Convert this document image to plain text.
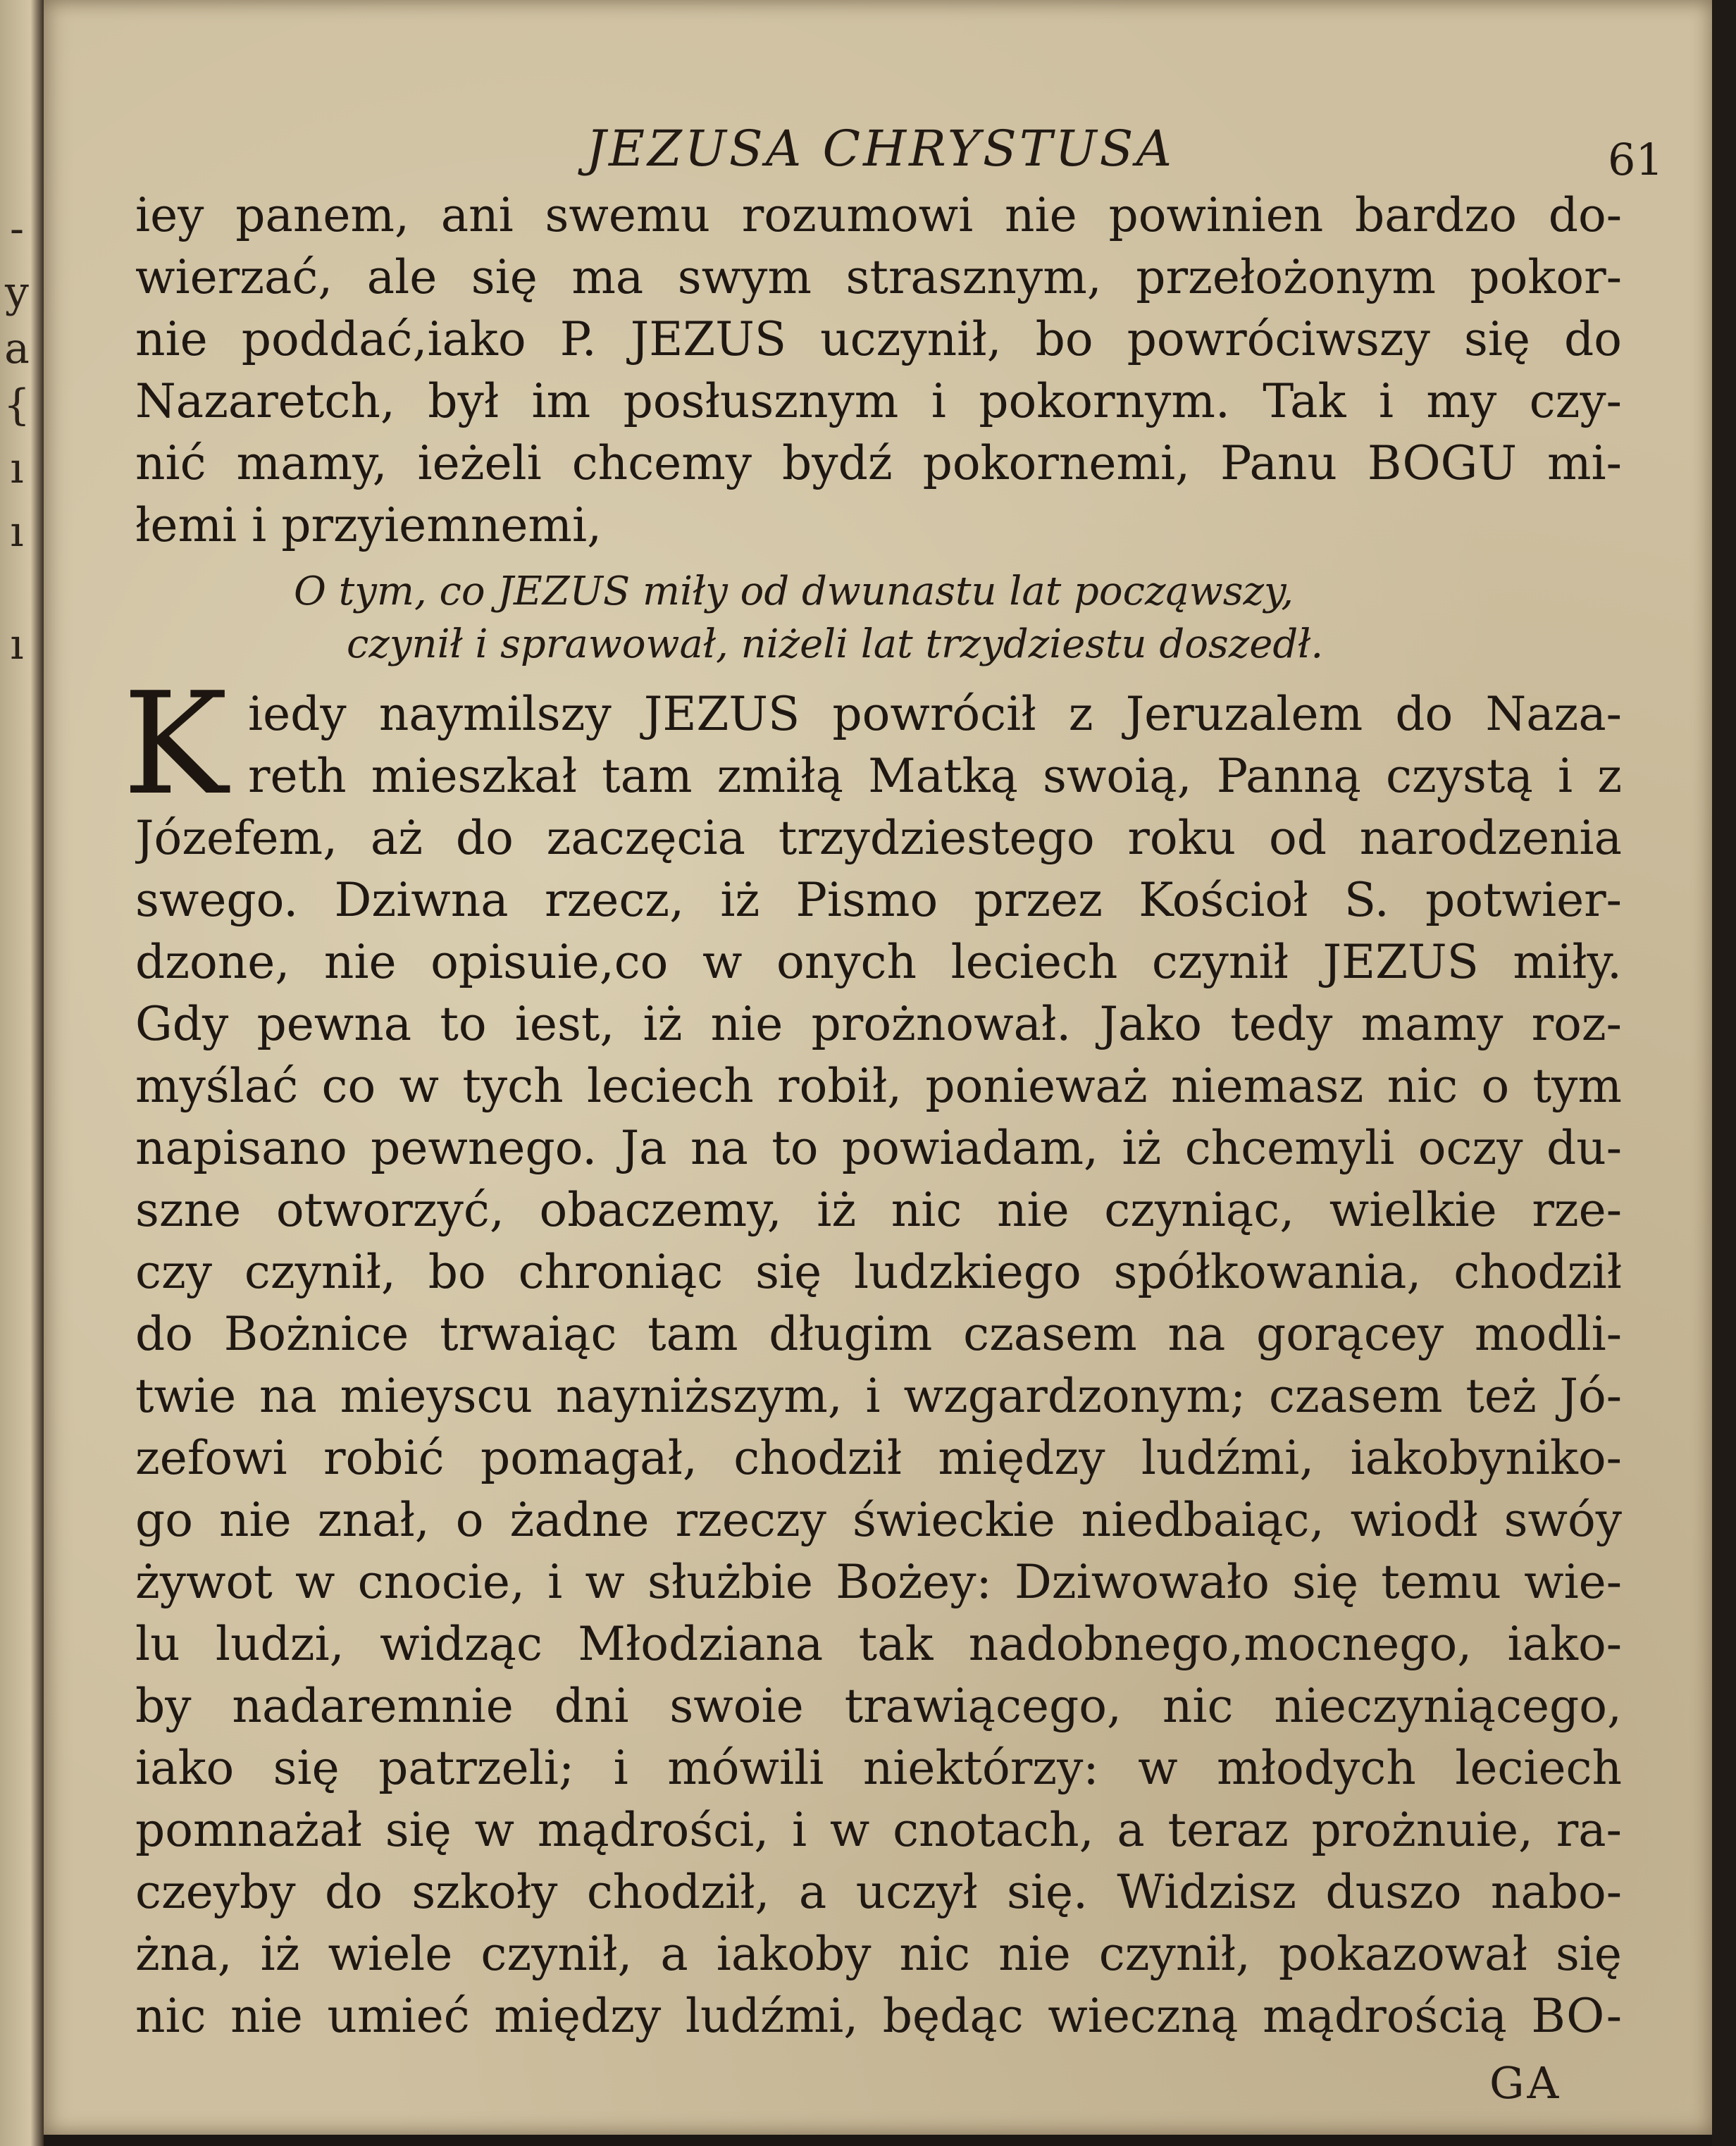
-
y
a
{
ı
ı
ı
JEZUSA CHRYSTUSA	61
iey panem, ani swemu rozumowi nie powinien bardzo do-
wierzać, ale się ma swym strasznym, przełożonym pokor-
nie poddać,iako P. JEZUS uczynił, bo powróciwszy się do
Nazaretch, był im posłusznym i pokornym. Tak i my czy-
nić mamy, ieżeli chcemy bydź pokornemi, Panu BOGU mi-
łemi i przyiemnemi,
O tym, co JEZUS miły od dwunastu lat począwszy,
czynił i sprawował, niżeli lat trzydziestu doszedł.
K iedy naymilszy JEZUS powrócił z Jeruzalem do Naza-
reth mieszkał tam zmiłą Matką swoią, Panną czystą i z
Józefem, aż do zaczęcia trzydziestego roku od narodzenia
swego. Dziwna rzecz, iż Pismo przez Kościoł S. potwier-
dzone, nie opisuie,co w onych leciech czynił JEZUS miły.
Gdy pewna to iest, iż nie prożnował. Jako tedy mamy roz-
myślać co w tych leciech robił, ponieważ niemasz nic o tym
napisano pewnego. Ja na to powiadam, iż chcemyli oczy du-
szne otworzyć, obaczemy, iż nic nie czyniąc, wielkie rze-
czy czynił, bo chroniąc się ludzkiego spółkowania, chodził
do Bożnice trwaiąc tam długim czasem na gorącey modli-
twie na mieyscu nayniższym, i wzgardzonym; czasem też Jó-
zefowi robić pomagał, chodził między ludźmi, iakobyniko-
go nie znał, o żadne rzeczy świeckie niedbaiąc, wiodł swóy
żywot w cnocie, i w służbie Bożey: Dziwowało się temu wie-
lu ludzi, widząc Młodziana tak nadobnego,mocnego, iako-
by nadaremnie dni swoie trawiącego, nic nieczyniącego,
iako się patrzeli; i mówili niektórzy: w młodych leciech
pomnażał się w mądrości, i w cnotach, a teraz prożnuie, ra-
czeyby do szkoły chodził, a uczył się. Widzisz duszo nabo-
żna, iż wiele czynił, a iakoby nic nie czynił, pokazował się
nic nie umieć między ludźmi, będąc wieczną mądrością BO-
GA
